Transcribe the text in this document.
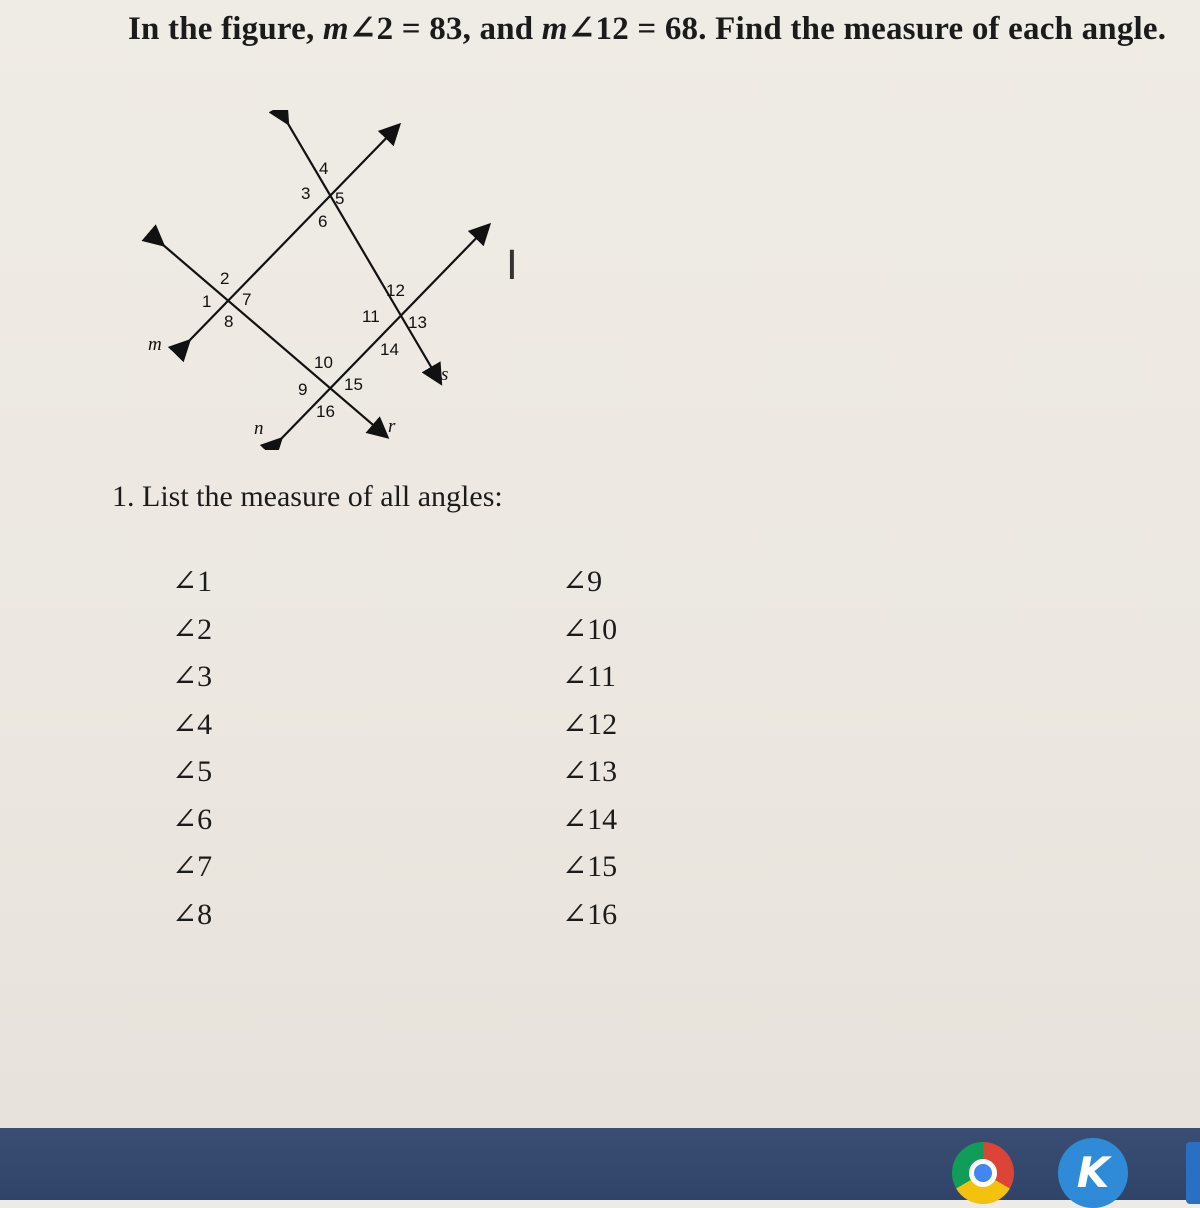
In the figure, m∠2 = 83, and m∠12 = 68. Find the measure of each angle.
1
2
3
4
5
6
7
8
9
10
11
12
13
14
15
16
m
n	r
s
I
1. List the measure of all angles:
∠1
∠2
∠3
∠4
∠5
∠6
∠7
∠8
∠9
∠10
∠11
∠12
∠13
∠14
∠15
∠16
K
